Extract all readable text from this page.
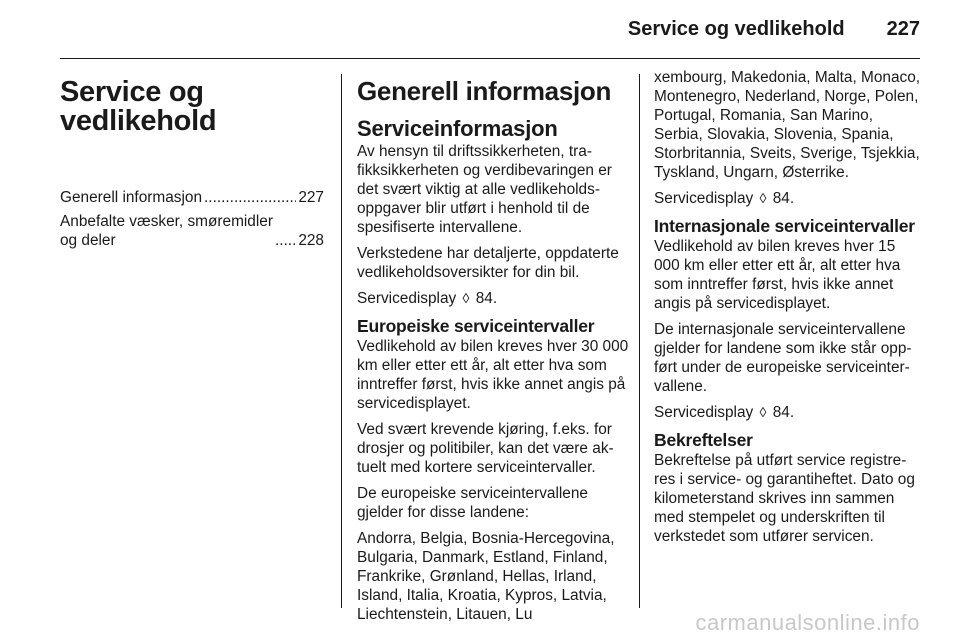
Service og vedlikehold 227
Service og vedlikehold
Generell informasjon .....	227
Anbefalte væsker, smøremidler
og deler .....	228
Generell informasjon
Serviceinformasjon

Av hensyn til driftssikkerheten, trafikksikkerheten og verdibevaringen er det svært viktig at alle vedlikeholdsoppgaver blir utført i henhold til de spesifiserte intervallene.

Verkstedene har detaljerte, oppdaterte vedlikeholdsoversikter for din bil.

Servicedisplay ◊ 84.

Europeiske serviceintervaller

Vedlikehold av bilen kreves hver 30 000 km eller etter ett år, alt etter hva som inntreffer først, hvis ikke annet angis på servicedisplayet.

Ved svært krevende kjøring, f.eks. for drosjer og politibiler, kan det være aktuelt med kortere serviceintervaller.

De europeiske serviceintervallene gjelder for disse landene:

Andorra, Belgia, Bosnia-Hercegovina, Bulgaria, Danmark, Estland, Finland, Frankrike, Grønland, Hellas, Irland, Island, Italia, Kroatia, Kypros, Latvia, Liechtenstein, Litauen, Lu

xembourg, Makedonia, Malta, Monaco, Montenegro, Nederland, Norge, Polen, Portugal, Romania, San Marino, Serbia, Slovakia, Slovenia, Spania, Storbritannia, Sveits, Sverige, Tsjekkia, Tyskland, Ungarn, Østerrike.

Servicedisplay ◊ 84.

Internasjonale serviceintervaller

Vedlikehold av bilen kreves hver 15 000 km eller etter ett år, alt etter hva som inntreffer først, hvis ikke annet angis på servicedisplayet.

De internasjonale serviceintervallene gjelder for landene som ikke står oppført under de europeiske serviceintervallene.

Servicedisplay ◊ 84.

Bekreftelser

Bekreftelse på utført service registreres i service- og garantiheftet. Dato og kilometerstand skrives inn sammen med stempelet og underskriften til verkstedet som utfører servicen.

carmanualsonline.info
